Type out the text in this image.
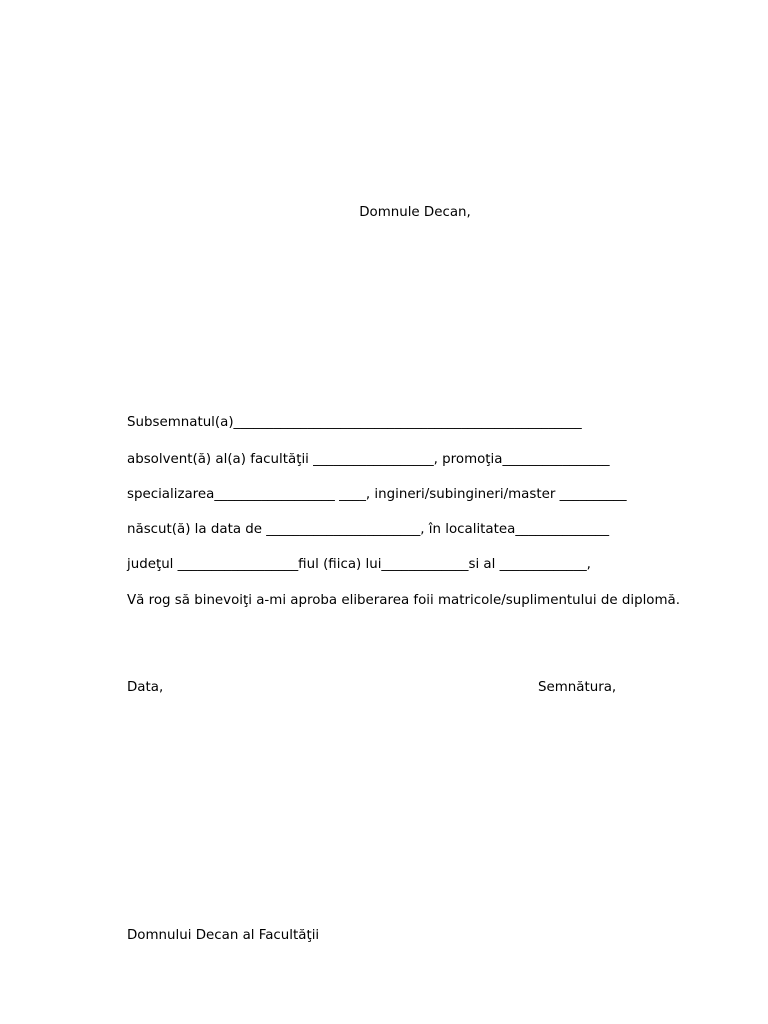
Domnule Decan,
Subsemnatul(a)____________________________________________________
absolvent(ă) al(a) facultăţii __________________, promoţia________________
specializarea__________________ ____, ingineri/subingineri/master __________
născut(ă) la data de _______________________, în localitatea______________
judeţul __________________fiul (fiica) lui_____________si al _____________,
Vă rog să binevoiţi a-mi aproba eliberarea foii matricole/suplimentului de diplomă.
Data,	Semnătura,
Domnului Decan al Facultăţii
